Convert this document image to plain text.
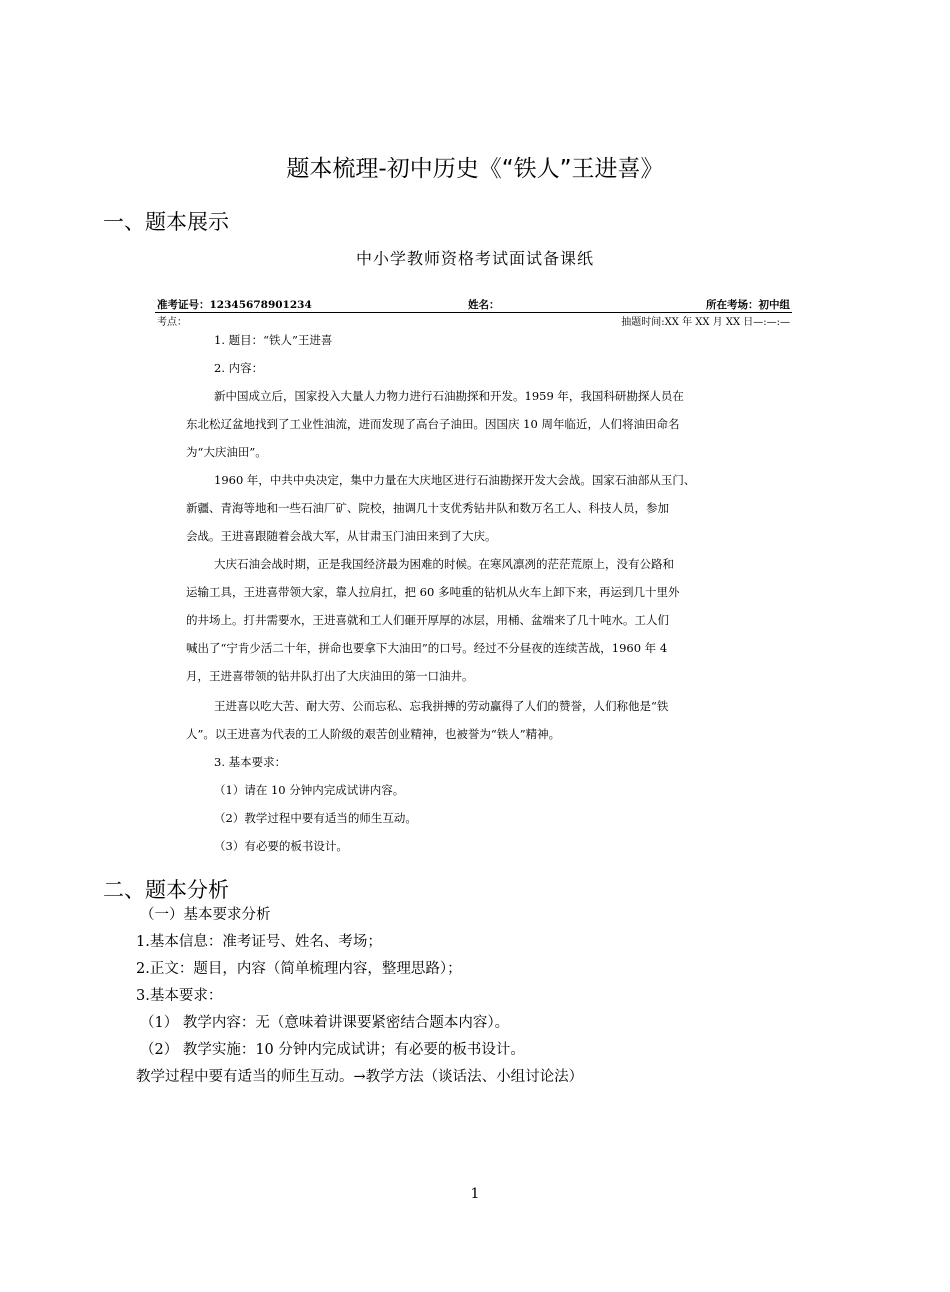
题本梳理-初中历史《“铁人”王进喜》
一、题本展示
中小学教师资格考试面试备课纸
准考证号：12345678901234	姓名：	所在考场：初中组
考点：	抽题时间:XX 年 XX 月 XX 日—:—:—
1. 题目：“铁人”王进喜
2. 内容：
新中国成立后，国家投入大量人力物力进行石油勘探和开发。1959 年，我国科研勘探人员在
东北松辽盆地找到了工业性油流，进而发现了高台子油田。因国庆 10 周年临近，人们将油田命名
为“大庆油田”。
1960 年，中共中央决定，集中力量在大庆地区进行石油勘探开发大会战。国家石油部从玉门、
新疆、青海等地和一些石油厂矿、院校，抽调几十支优秀钻井队和数万名工人、科技人员，参加
会战。王进喜跟随着会战大军，从甘肃玉门油田来到了大庆。
大庆石油会战时期，正是我国经济最为困难的时候。在寒风凛冽的茫茫荒原上，没有公路和
运输工具，王进喜带领大家，靠人拉肩扛，把 60 多吨重的钻机从火车上卸下来，再运到几十里外
的井场上。打井需要水，王进喜就和工人们砸开厚厚的冰层，用桶、盆端来了几十吨水。工人们
喊出了“宁肯少活二十年，拼命也要拿下大油田”的口号。经过不分昼夜的连续苦战，1960 年 4
月，王进喜带领的钻井队打出了大庆油田的第一口油井。
王进喜以吃大苦、耐大劳、公而忘私、忘我拼搏的劳动赢得了人们的赞誉，人们称他是“铁
人”。以王进喜为代表的工人阶级的艰苦创业精神，也被誉为“铁人”精神。
3. 基本要求：
（1）请在 10 分钟内完成试讲内容。
（2）教学过程中要有适当的师生互动。
（3）有必要的板书设计。
二、题本分析
（一）基本要求分析
1.基本信息：准考证号、姓名、考场；
2.正文：题目，内容（简单梳理内容，整理思路）；
3.基本要求：
（1） 教学内容：无（意味着讲课要紧密结合题本内容）。
（2） 教学实施：10 分钟内完成试讲；有必要的板书设计。
教学过程中要有适当的师生互动。→教学方法（谈话法、小组讨论法）
1
